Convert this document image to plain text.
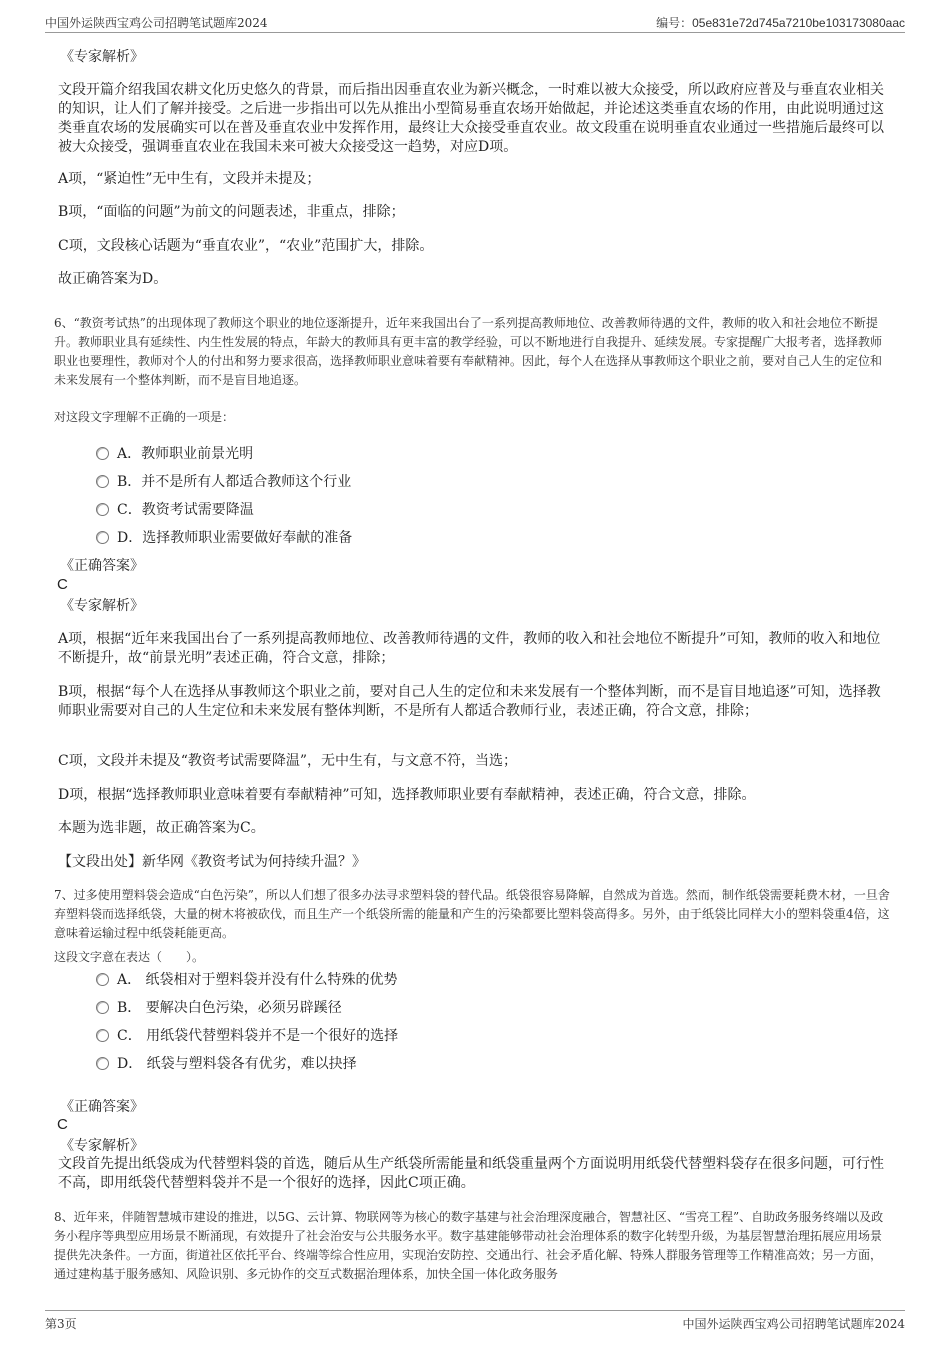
中国外运陕西宝鸡公司招聘笔试题库2024	编号：05e831e72d745a7210be103173080aac
《专家解析》
文段开篇介绍我国农耕文化历史悠久的背景，而后指出因垂直农业为新兴概念，一时难以被大众接受，所以政府应普及与垂直农业相关的知识，让人们了解并接受。之后进一步指出可以先从推出小型简易垂直农场开始做起，并论述这类垂直农场的作用，由此说明通过这类垂直农场的发展确实可以在普及垂直农业中发挥作用，最终让大众接受垂直农业。故文段重在说明垂直农业通过一些措施后最终可以被大众接受，强调垂直农业在我国未来可被大众接受这一趋势，对应D项。
A项，“紧迫性”无中生有，文段并未提及；
B项，“面临的问题”为前文的问题表述，非重点，排除；
C项，文段核心话题为“垂直农业”，“农业”范围扩大，排除。
故正确答案为D。
6、“教资考试热”的出现体现了教师这个职业的地位逐渐提升，近年来我国出台了一系列提高教师地位、改善教师待遇的文件，教师的收入和社会地位不断提升。教师职业具有延续性、内生性发展的特点，年龄大的教师具有更丰富的教学经验，可以不断地进行自我提升、延续发展。专家提醒广大报考者，选择教师职业也要理性，教师对个人的付出和努力要求很高，选择教师职业意味着要有奉献精神。因此，每个人在选择从事教师这个职业之前，要对自己人生的定位和未来发展有一个整体判断，而不是盲目地追逐。
对这段文字理解不正确的一项是：
A．教师职业前景光明
B．并不是所有人都适合教师这个行业
C．教资考试需要降温
D．选择教师职业需要做好奉献的准备
《正确答案》
C
《专家解析》
A项，根据“近年来我国出台了一系列提高教师地位、改善教师待遇的文件，教师的收入和社会地位不断提升”可知，教师的收入和地位不断提升，故“前景光明”表述正确，符合文意，排除；
B项，根据“每个人在选择从事教师这个职业之前，要对自己人生的定位和未来发展有一个整体判断，而不是盲目地追逐”可知，选择教师职业需要对自己的人生定位和未来发展有整体判断，不是所有人都适合教师行业，表述正确，符合文意，排除；
C项，文段并未提及“教资考试需要降温”，无中生有，与文意不符，当选；
D项，根据“选择教师职业意味着要有奉献精神”可知，选择教师职业要有奉献精神，表述正确，符合文意，排除。
本题为选非题，故正确答案为C。
【文段出处】新华网《教资考试为何持续升温？》
7、过多使用塑料袋会造成“白色污染”，所以人们想了很多办法寻求塑料袋的替代品。纸袋很容易降解，自然成为首选。然而，制作纸袋需要耗费木材，一旦舍弃塑料袋而选择纸袋，大量的树木将被砍伐，而且生产一个纸袋所需的能量和产生的污染都要比塑料袋高得多。另外，由于纸袋比同样大小的塑料袋重4倍，这意味着运输过程中纸袋耗能更高。
这段文字意在表达（　　）。
A． 纸袋相对于塑料袋并没有什么特殊的优势
B． 要解决白色污染，必须另辟蹊径
C． 用纸袋代替塑料袋并不是一个很好的选择
D． 纸袋与塑料袋各有优劣，难以抉择
《正确答案》
C
《专家解析》
文段首先提出纸袋成为代替塑料袋的首选，随后从生产纸袋所需能量和纸袋重量两个方面说明用纸袋代替塑料袋存在很多问题，可行性不高，即用纸袋代替塑料袋并不是一个很好的选择，因此C项正确。
8、近年来，伴随智慧城市建设的推进，以5G、云计算、物联网等为核心的数字基建与社会治理深度融合，智慧社区、“雪亮工程”、自助政务服务终端以及政务小程序等典型应用场景不断涌现，有效提升了社会治安与公共服务水平。数字基建能够带动社会治理体系的数字化转型升级，为基层智慧治理拓展应用场景提供先决条件。一方面，街道社区依托平台、终端等综合性应用，实现治安防控、交通出行、社会矛盾化解、特殊人群服务管理等工作精准高效；另一方面，通过建构基于服务感知、风险识别、多元协作的交互式数据治理体系，加快全国一体化政务服务
第3页	中国外运陕西宝鸡公司招聘笔试题库2024
